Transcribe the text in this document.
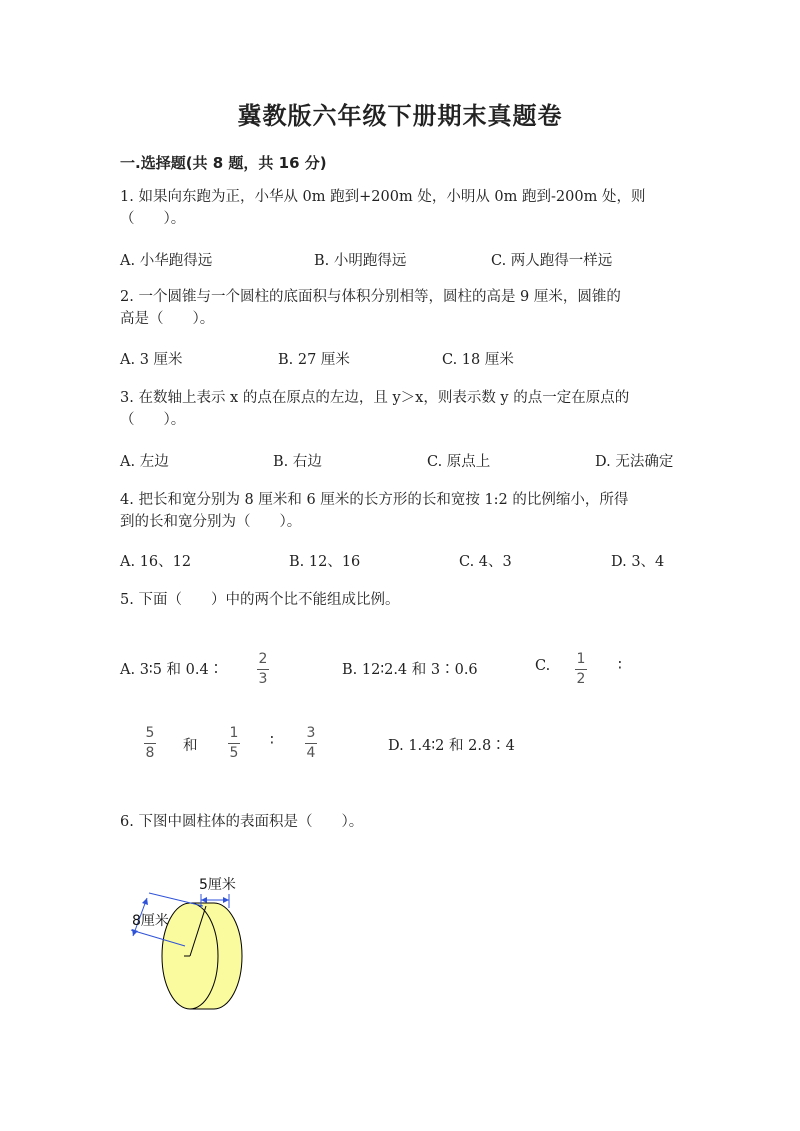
冀教版六年级下册期末真题卷
一.选择题(共 8 题，共 16 分)
1. 如果向东跑为正，小华从 0m 跑到+200m 处，小明从 0m 跑到-200m 处，则
（　　）。
A. 小华跑得远	B. 小明跑得远	C. 两人跑得一样远
2. 一个圆锥与一个圆柱的底面积与体积分别相等，圆柱的高是 9 厘米，圆锥的
高是（　　）。
A. 3 厘米	B. 27 厘米	C. 18 厘米
3. 在数轴上表示 x 的点在原点的左边，且 y＞x，则表示数 y 的点一定在原点的
（　　）。
A. 左边	B. 右边	C. 原点上	D. 无法确定
4. 把长和宽分别为 8 厘米和 6 厘米的长方形的长和宽按 1:2 的比例缩小，所得
到的长和宽分别为（　　）。
A. 16、12	B. 12、16	C. 4、3	D. 3、4
5. 下面（　　）中的两个比不能组成比例。
A. 3∶5 和 0.4∶
2
3
B. 12∶2.4 和 3∶0.6	C. 1
2
∶
5
8 和
1
5
∶ 3
4	D. 1.4∶2 和 2.8∶4
6. 下图中圆柱体的表面积是（　　）。
5厘米
8厘米
